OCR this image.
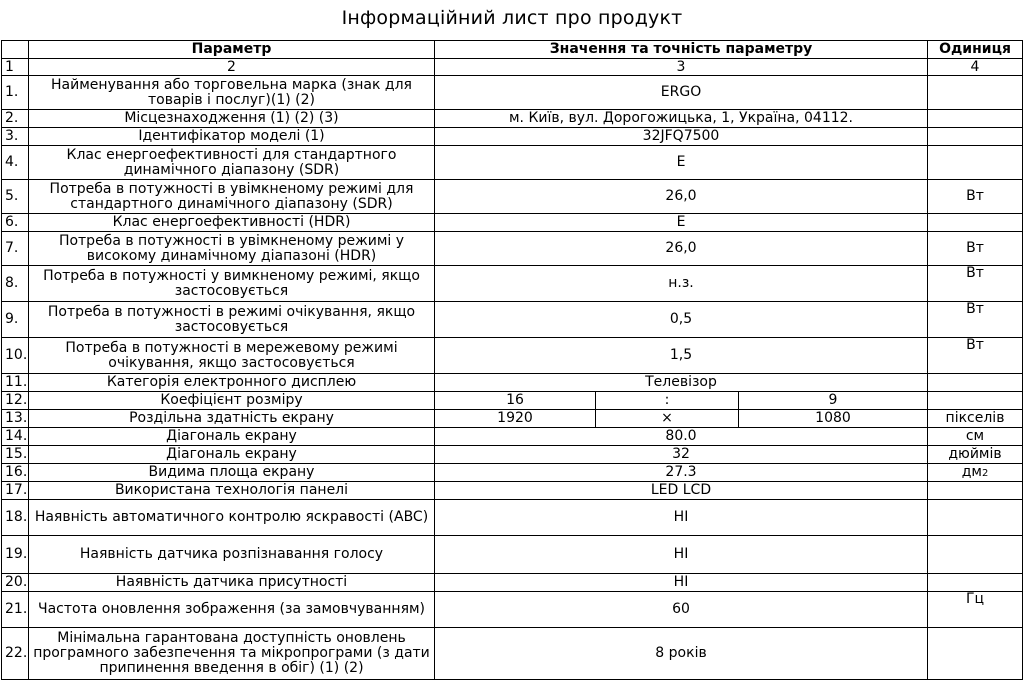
Інформаційний лист про продукт
	Параметр	Значення та точність параметру			Одиниця
1	2	3			4
1.	Найменування або торговельна марка (знак для товарів і послуг)(1) (2)	ERGO			
2.	Місцезнаходження (1) (2) (3)	м. Київ, вул. Дорогожицька, 1, Україна, 04112.			
3.	Ідентифікатор моделі (1)	32JFQ7500			
4.	Клас енергоефективності для стандартного динамічного діапазону (SDR)	E			
5.	Потреба в потужності в увімкненому режимі для стандартного динамічного діапазону (SDR)	26,0			Вт
6.	Клас енергоефективності (HDR)	E			
7.	Потреба в потужності в увімкненому режимі у високому динамічному діапазоні (HDR)	26,0			Вт
8.	Потреба в потужності у вимкненому режимі, якщо застосовується	н.з.			Вт
9.	Потреба в потужності в режимі очікування, якщо застосовується	0,5			Вт
10.	Потреба в потужності в мережевому режимі очікування, якщо застосовується	1,5			Вт
11.	Категорія електронного дисплею	Телевізор			
12.	Коефіцієнт розміру	16	:	9	
13.	Роздільна здатність екрану	1920	×	1080	пікселів
14.	Діагональ екрану	80.0			см
15.	Діагональ екрану	32			дюймів
16.	Видима площа екрану	27.3			дм2
17.	Використана технологія панелі	LED LCD			
18.	Наявність автоматичного контролю яскравості (ABC)	НІ			
19.	Наявність датчика розпізнавання голосу	НІ			
20.	Наявність датчика присутності	НІ			
21.	Частота оновлення зображення (за замовчуванням)	60			Гц
22.	Мінімальна гарантована доступність оновлень програмного забезпечення та мікропрограми (з дати припинення введення в обіг) (1) (2)	8 років			
